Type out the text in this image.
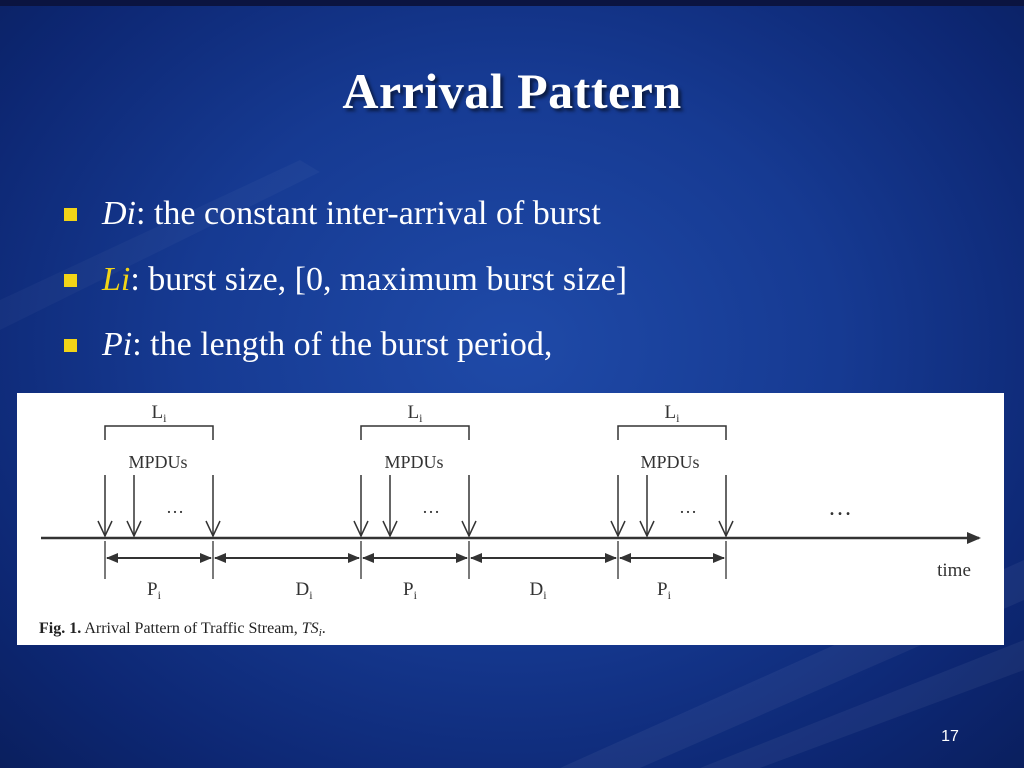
Arrival Pattern
Di: the constant inter-arrival of burst
Li: burst size, [0, maximum burst size]
Pi: the length of the burst period,
time
…
$L_i$
MPDUs
…
$L_i$
MPDUs
…
$L_i$
MPDUs
…
$P_i$	$D_i$	$P_i$	$D_i$	$P_i$
Fig. 1. Arrival Pattern of Traffic Stream, TSi.
17
